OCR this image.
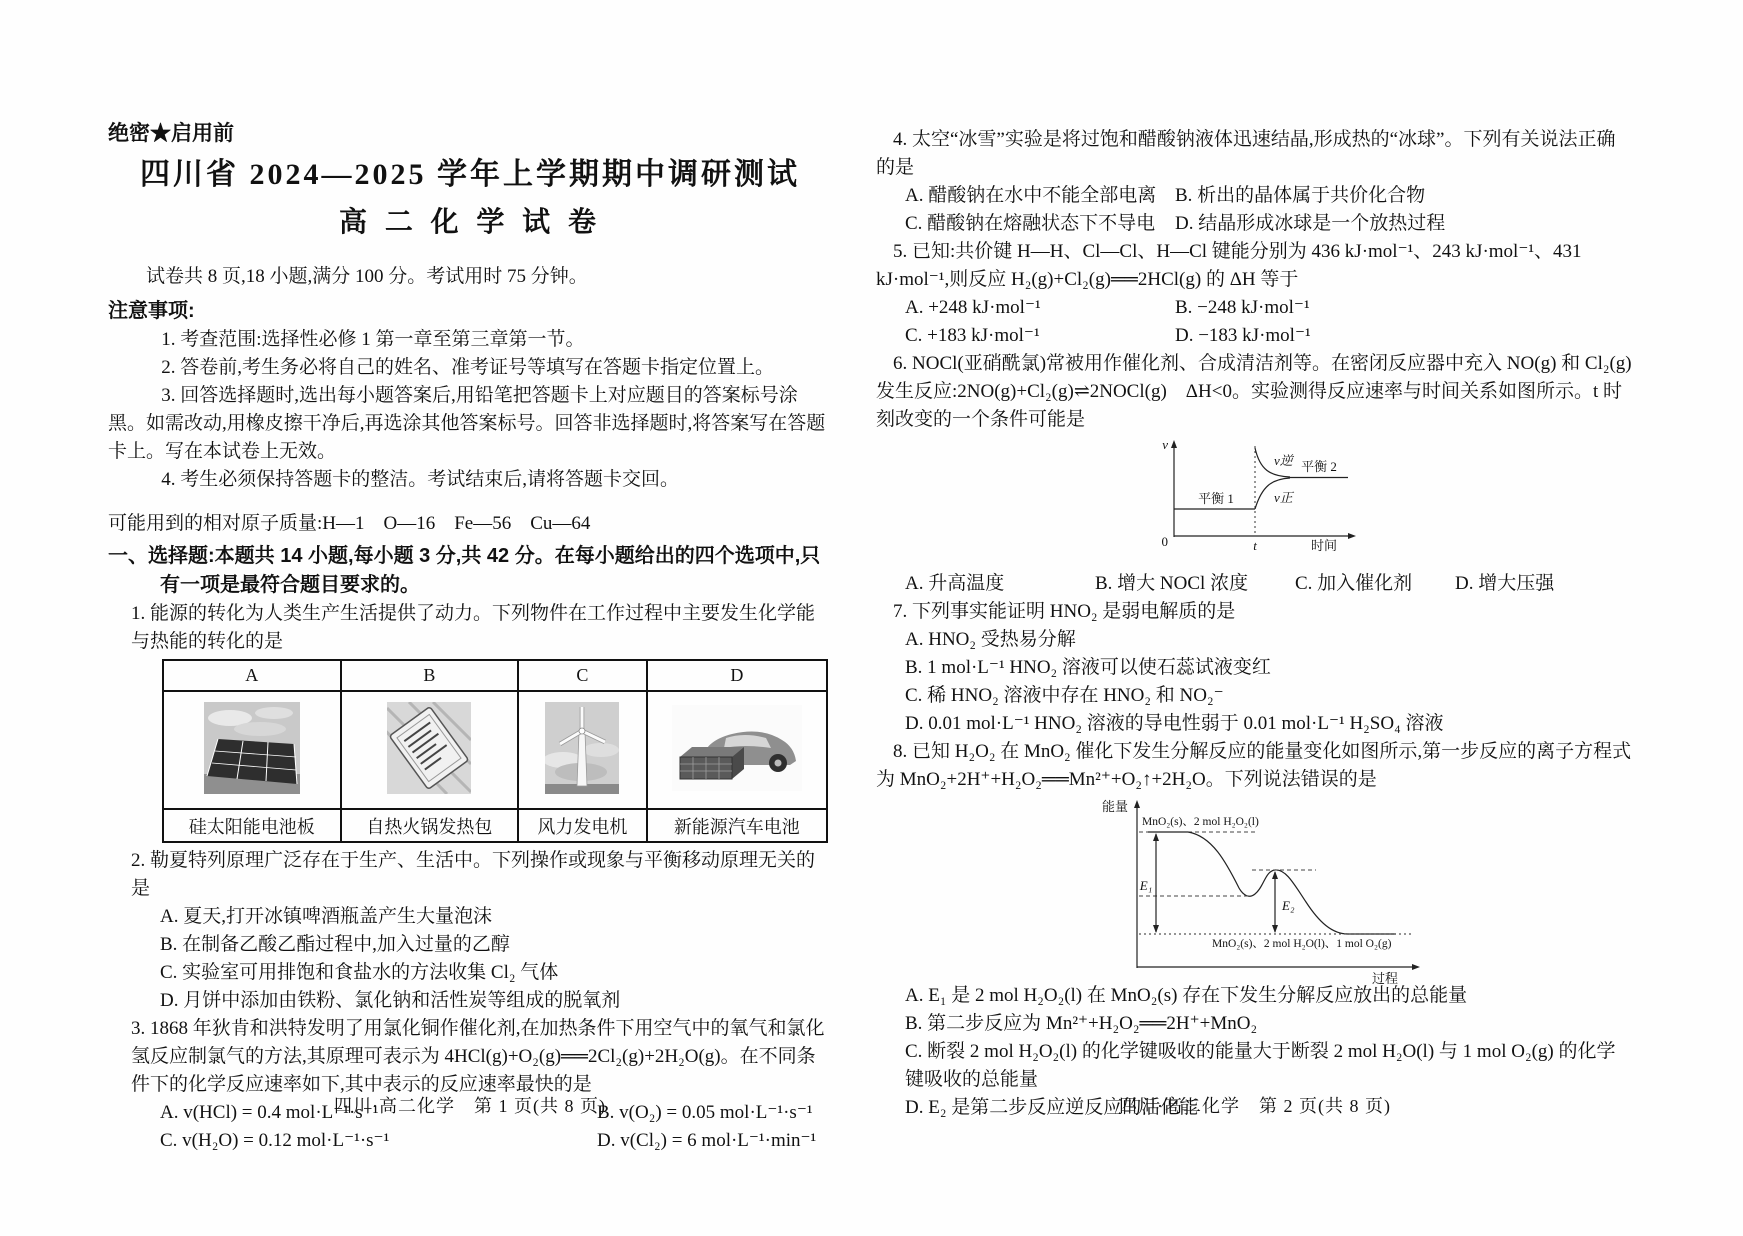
绝密★启用前
四川省 2024—2025 学年上学期期中调研测试
高 二 化 学 试 卷

试卷共 8 页,18 小题,满分 100 分。考试用时 75 分钟。

注意事项:

1. 考查范围:选择性必修 1 第一章至第三章第一节。

2. 答卷前,考生务必将自己的姓名、准考证号等填写在答题卡指定位置上。

3. 回答选择题时,选出每小题答案后,用铅笔把答题卡上对应题目的答案标号涂黑。如需改动,用橡皮擦干净后,再选涂其他答案标号。回答非选择题时,将答案写在答题卡上。写在本试卷上无效。

4. 考生必须保持答题卡的整洁。考试结束后,请将答题卡交回。

可能用到的相对原子质量:H—1　O—16　Fe—56　Cu—64

一、选择题:本题共 14 小题,每小题 3 分,共 42 分。在每小题给出的四个选项中,只有一项是最符合题目要求的。

1. 能源的转化为人类生产生活提供了动力。下列物件在工作过程中主要发生化学能与热能的转化的是

A	B	C	D

硅太阳能电池板	自热火锅发热包	风力发电机	新能源汽车电池

2. 勒夏特列原理广泛存在于生产、生活中。下列操作或现象与平衡移动原理无关的是

A. 夏天,打开冰镇啤酒瓶盖产生大量泡沫

B. 在制备乙酸乙酯过程中,加入过量的乙醇

C. 实验室可用排饱和食盐水的方法收集 Cl₂ 气体

D. 月饼中添加由铁粉、氯化钠和活性炭等组成的脱氧剂

3. 1868 年狄肯和洪特发明了用氯化铜作催化剂,在加热条件下用空气中的氧气和氯化氢反应制氯气的方法,其原理可表示为 4HCl(g)+O₂(g)══2Cl₂(g)+2H₂O(g)。在不同条件下的化学反应速率如下,其中表示的反应速率最快的是

A. v(HCl) = 0.4 mol·L⁻¹·s⁻¹	B. v(O₂) = 0.05 mol·L⁻¹·s⁻¹
C. v(H₂O) = 0.12 mol·L⁻¹·s⁻¹	D. v(Cl₂) = 6 mol·L⁻¹·min⁻¹

4. 太空“冰雪”实验是将过饱和醋酸钠液体迅速结晶,形成热的“冰球”。下列有关说法正确的是

A. 醋酸钠在水中不能全部电离 B. 析出的晶体属于共价化合物
C. 醋酸钠在熔融状态下不导电	D. 结晶形成冰球是一个放热过程

5. 已知:共价键 H—H、Cl—Cl、H—Cl 键能分别为 436 kJ·mol⁻¹、243 kJ·mol⁻¹、431 kJ·mol⁻¹,则反应 H₂(g)+Cl₂(g)══2HCl(g) 的 ΔH 等于

A. +248 kJ·mol⁻¹	B. −248 kJ·mol⁻¹
C. +183 kJ·mol⁻¹	D. −183 kJ·mol⁻¹

6. NOCl(亚硝酰氯)常被用作催化剂、合成清洁剂等。在密闭反应器中充入 NO(g) 和 Cl₂(g) 发生反应:2NO(g)+Cl₂(g)⇌2NOCl(g)　ΔH<0。实验测得反应速率与时间关系如图所示。t 时刻改变的一个条件可能是

v
0
平衡 1
t	时间
平衡 2
v逆
v正
A. 升高温度	B. 增大 NOCl 浓度	C. 加入催化剂	D. 增大压强

7. 下列事实能证明 HNO₂ 是弱电解质的是

A. HNO₂ 受热易分解

B. 1 mol·L⁻¹ HNO₂ 溶液可以使石蕊试液变红

C. 稀 HNO₂ 溶液中存在 HNO₂ 和 NO₂⁻

D. 0.01 mol·L⁻¹ HNO₂ 溶液的导电性弱于 0.01 mol·L⁻¹ H₂SO₄ 溶液

8. 已知 H₂O₂ 在 MnO₂ 催化下发生分解反应的能量变化如图所示,第一步反应的离子方程式为 MnO₂+2H⁺+H₂O₂══Mn²⁺+O₂↑+2H₂O。下列说法错误的是

能量
过程
MnO₂(s)、2 mol H₂O₂(l)
E₁
E₂
MnO₂(s)、2 mol H₂O(l)、1 mol O₂(g)

A. E₁ 是 2 mol H₂O₂(l) 在 MnO₂(s) 存在下发生分解反应放出的总能量

B. 第二步反应为 Mn²⁺+H₂O₂══2H⁺+MnO₂

C. 断裂 2 mol H₂O₂(l) 的化学键吸收的能量大于断裂 2 mol H₂O(l) 与 1 mol O₂(g) 的化学键吸收的总能量

D. E₂ 是第二步反应逆反应的活化能

四川·高二化学　第 1 页(共 8 页)	四川·高二化学　第 2 页(共 8 页)
